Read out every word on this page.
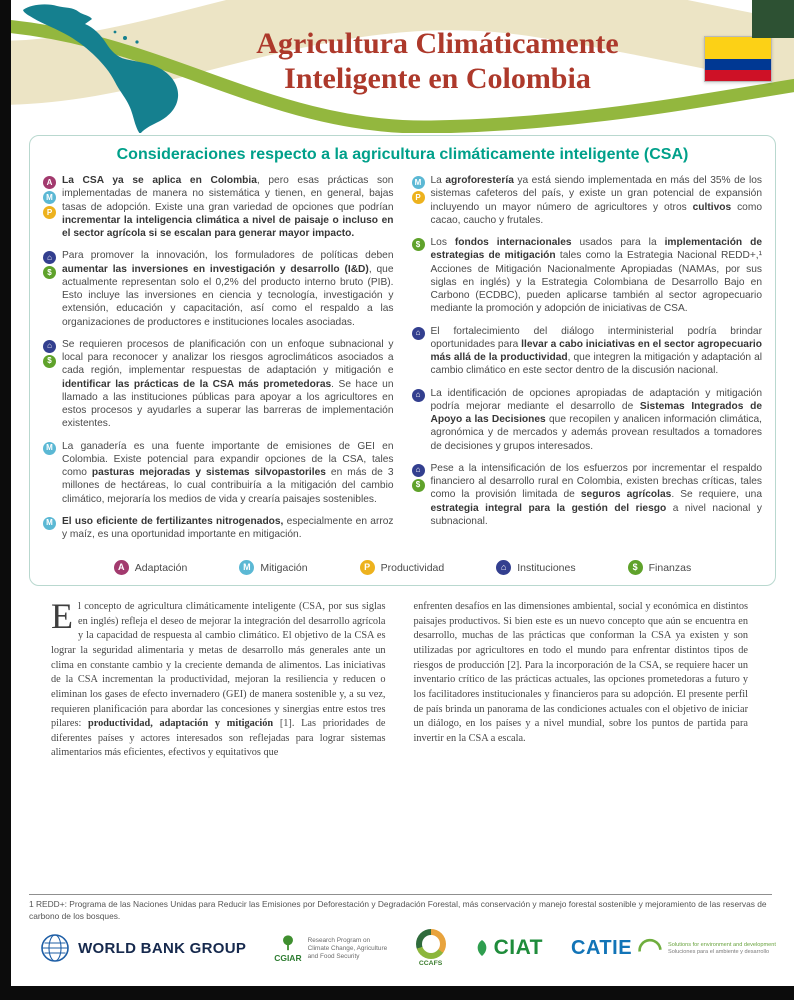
Agricultura Climáticamente
Inteligente en Colombia
Consideraciones respecto a la agricultura climáticamente inteligente (CSA)
A
M
P

La CSA ya se aplica en Colombia, pero esas prácticas son implementadas de manera no sistemática y tienen, en general, bajas tasas de adopción. Existe una gran variedad de opciones que podrían incrementar la inteligencia climática a nivel de paisaje o incluso en el sector agrícola si se escalan para generar mayor impacto.

⌂
$

Para promover la innovación, los formuladores de políticas deben aumentar las inversiones en investigación y desarrollo (I&D), que actualmente representan solo el 0,2% del producto interno bruto (PIB). Esto incluye las inversiones en ciencia y tecnología, investigación y extensión, educación y capacitación, así como el respaldo a las organizaciones de productores e instituciones locales asociadas.

⌂
$

Se requieren procesos de planificación con un enfoque subnacional y local para reconocer y analizar los riesgos agroclimáticos asociados a cada región, implementar respuestas de adaptación y mitigación e identificar las prácticas de la CSA más prometedoras. Se hace un llamado a las instituciones públicas para apoyar a los agricultores en estos procesos y ayudarles a superar las barreras de implementación existentes.

M La ganadería es una fuente importante de emisiones de GEI en Colombia. Existe potencial para expandir opciones de la CSA, tales como pasturas mejoradas y sistemas silvopastoriles en más de 3 millones de hectáreas, lo cual contribuiría a la mitigación del cambio climático, mejoraría los medios de vida y crearía paisajes sostenibles.

M El uso eficiente de fertilizantes nitrogenados, especialmente en arroz y maíz, es una oportunidad importante en mitigación.

M
P

La agroforestería ya está siendo implementada en más del 35% de los sistemas cafeteros del país, y existe un gran potencial de expansión incluyendo un mayor número de agricultores y otros cultivos como cacao, caucho y frutales.

$	Los fondos internacionales usados para la implementación de estrategias de mitigación tales como la Estrategia Nacional REDD+,¹ Acciones de Mitigación Nacionalmente Apropiadas (NAMAs, por sus siglas en inglés) y la Estrategia Colombiana de Desarrollo Bajo en Carbono (ECDBC), pueden aplicarse también al sector agropecuario mediante la promoción y adopción de iniciativas de CSA.

⌂ El fortalecimiento del diálogo interministerial podría brindar oportunidades para llevar a cabo iniciativas en el sector agropecuario más allá de la productividad, que integren la mitigación y adaptación al cambio climático en este sector dentro de la discusión nacional.

⌂ La identificación de opciones apropiadas de adaptación y mitigación podría mejorar mediante el desarrollo de Sistemas Integrados de Apoyo a las Decisiones que recopilen y analicen información climática, agronómica y de mercados y además provean resultados a tomadores de decisiones y grupos interesados.

⌂
$

Pese a la intensificación de los esfuerzos por incrementar el respaldo financiero al desarrollo rural en Colombia, existen brechas críticas, tales como la provisión limitada de seguros agrícolas. Se requiere, una estrategia integral para la gestión del riesgo a nivel nacional y subnacional.

A Adaptación	M Mitigación	P	Productividad	⌂	Instituciones	$	Finanzas
El concepto de agricultura climáticamente inteligente (CSA, por sus siglas en inglés) refleja el deseo de mejorar la integración del desarrollo agrícola y la capacidad de respuesta al cambio climático. El objetivo de la CSA es lograr la seguridad alimentaria y metas de desarrollo más generales ante un clima en constante cambio y la creciente demanda de alimentos. Las iniciativas de la CSA incrementan la productividad, mejoran la resiliencia y reducen o eliminan los gases de efecto invernadero (GEI) de manera sostenible y, a su vez, requieren planificación para abordar las concesiones y sinergias entre estos tres pilares: productividad, adaptación y mitigación [1]. Las prioridades de diferentes países y actores interesados son reflejadas para lograr sistemas alimentarios más eficientes, efectivos y equitativos que
enfrenten desafíos en las dimensiones ambiental, social y económica en distintos paisajes productivos. Si bien este es un nuevo concepto que aún se encuentra en desarrollo, muchas de las prácticas que conforman la CSA ya existen y son utilizadas por agricultores en todo el mundo para enfrentar distintos tipos de riesgos de producción [2]. Para la incorporación de la CSA, se requiere hacer un inventario crítico de las prácticas actuales, las opciones prometedoras a futuro y los facilitadores institucionales y financieros para su adopción. El presente perfil de país brinda un panorama de las condiciones actuales con el objetivo de iniciar un diálogo, en los países y a nivel mundial, sobre los puntos de partida para invertir en la CSA a escala.
1 REDD+: Programa de las Naciones Unidas para Reducir las Emisiones por Deforestación y Degradación Forestal, más conservación y manejo forestal sostenible y mejoramiento de las reservas de carbono de los bosques.
WORLD BANK GROUP
CGIAR
Research Program on Climate Change, Agriculture and Food Security
CCAFS
CIAT CATIE	Solutions for environment and development
Soluciones para el ambiente y desarrollo
